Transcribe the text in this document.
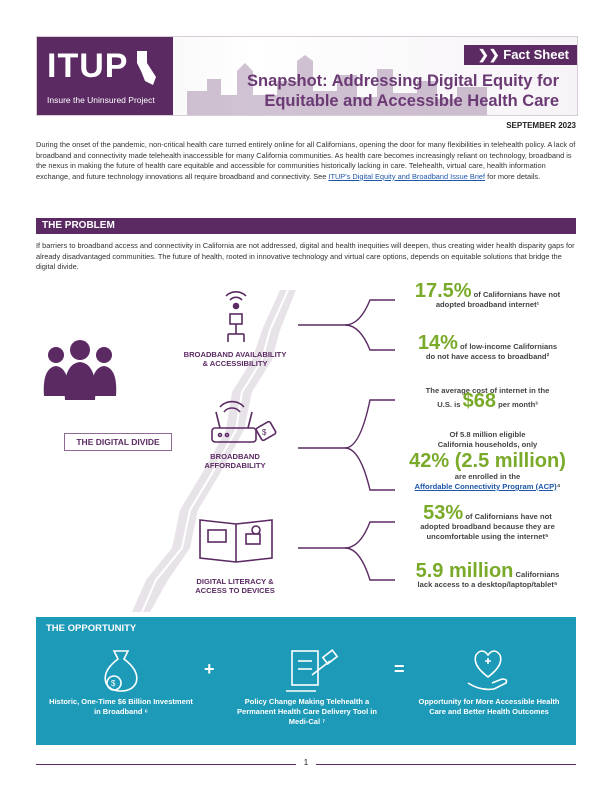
ITUP
Insure the Uninsured Project
❯❯ Fact Sheet
Snapshot: Addressing Digital Equity for Equitable and Accessible Health Care
SEPTEMBER 2023
During the onset of the pandemic, non-critical health care turned entirely online for all Californians, opening the door for many flexibilities in telehealth policy. A lack of broadband and connectivity made telehealth inaccessible for many California communities. As health care becomes increasingly reliant on technology, broadband is the nexus in making the future of health care equitable and accessible for communities historically lacking in care. Telehealth, virtual care, health information exchange, and future technology innovations all require broadband and connectivity. See ITUP's Digital Equity and Broadband Issue Brief for more details.
THE PROBLEM
If barriers to broadband access and connectivity in California are not addressed, digital and health inequities will deepen, thus creating wider health disparity gaps for already disadvantaged communities. The future of health, rooted in innovative technology and virtual care options, depends on equitable solutions that bridge the digital divide.
$
BROADBAND AVAILABILITY & ACCESSIBILITY
BROADBAND AFFORDABILITY
DIGITAL LITERACY & ACCESS TO DEVICES
THE DIGITAL DIVIDE
17.5% of Californians have not
adopted broadband internet¹
14% of low-income Californians
do not have access to broadband²
The average cost of internet in the
U.S. is $68 per month³
Of 5.8 million eligible
California households, only
42% (2.5 million)
are enrolled in the
Affordable Connectivity Program (ACP)⁴
53% of Californians have not
adopted broadband because they are
uncomfortable using the internet⁵
5.9 million Californians
lack access to a desktop/laptop/tablet⁵
THE OPPORTUNITY
$
+	=
Historic, One-Time $6 Billion Investment in Broadband ⁶
Policy Change Making Telehealth a Permanent Health Care Delivery Tool in Medi-Cal ⁷
Opportunity for More Accessible Health Care and Better Health Outcomes
1
